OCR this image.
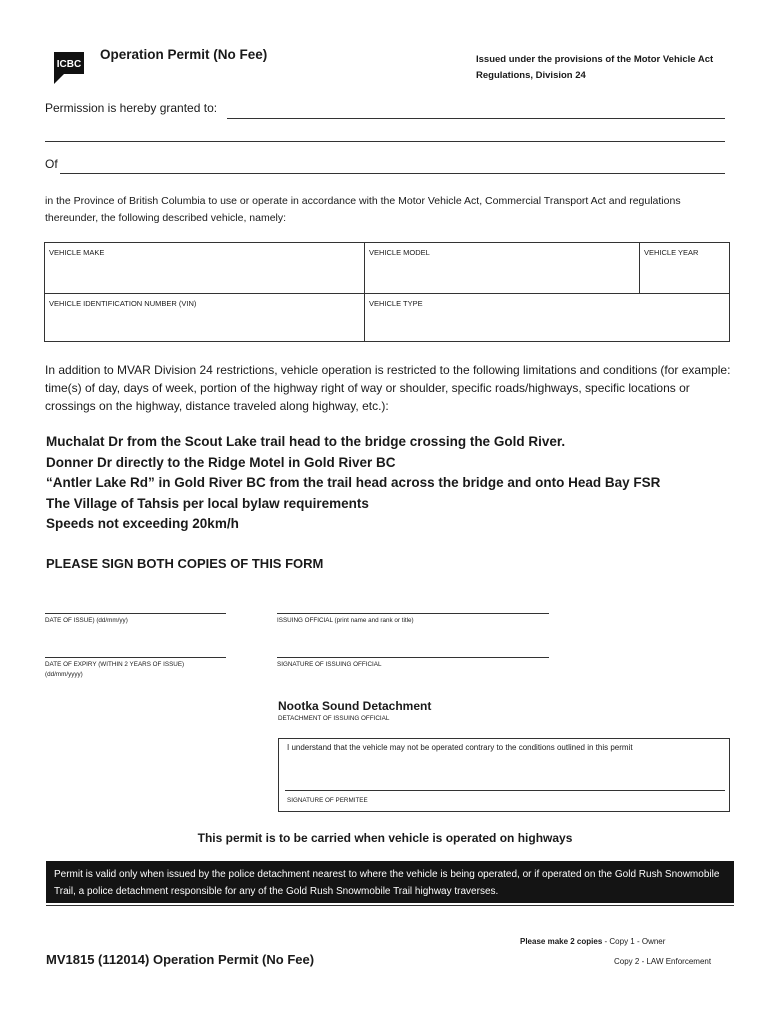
ICBC
Operation Permit (No Fee)	Issued under the provisions of the Motor Vehicle Act
Regulations, Division 24
Permission is hereby granted to:
Of
in the Province of British Columbia to use or operate in accordance with the Motor Vehicle Act, Commercial Transport Act and regulations thereunder, the following described vehicle, namely:
VEHICLE MAKE	VEHICLE MODEL	VEHICLE YEAR
VEHICLE IDENTIFICATION NUMBER (VIN)	VEHICLE TYPE
In addition to MVAR Division 24 restrictions, vehicle operation is restricted to the following limitations and conditions (for example: time(s) of day, days of week, portion of the highway right of way or shoulder, specific roads/highways, specific locations or crossings on the highway, distance traveled along highway, etc.):
Muchalat Dr from the Scout Lake trail head to the bridge crossing the Gold River.
Donner Dr directly to the Ridge Motel in Gold River BC
“Antler Lake Rd” in Gold River BC from the trail head across the bridge and onto Head Bay FSR
The Village of Tahsis per local bylaw requirements
Speeds not exceeding 20km/h
PLEASE SIGN BOTH COPIES OF THIS FORM
DATE OF ISSUE) (dd/mm/yy)	ISSUING OFFICIAL (print name and rank or title)
DATE OF EXPIRY (WITHIN 2 YEARS OF ISSUE)
(dd/mm/yyyy)
SIGNATURE OF ISSUING OFFICIAL
Nootka Sound Detachment
DETACHMENT OF ISSUING OFFICIAL
I understand that the vehicle may not be operated contrary to the conditions outlined in this permit
SIGNATURE OF PERMITEE
This permit is to be carried when vehicle is operated on highways
Permit is valid only when issued by the police detachment nearest to where the vehicle is being operated, or if operated on the Gold Rush Snowmobile Trail, a police detachment responsible for any of the Gold Rush Snowmobile Trail highway traverses.
Please make 2 copies - Copy 1 - Owner
Copy 2 - LAW Enforcement
MV1815 (112014) Operation Permit (No Fee)
